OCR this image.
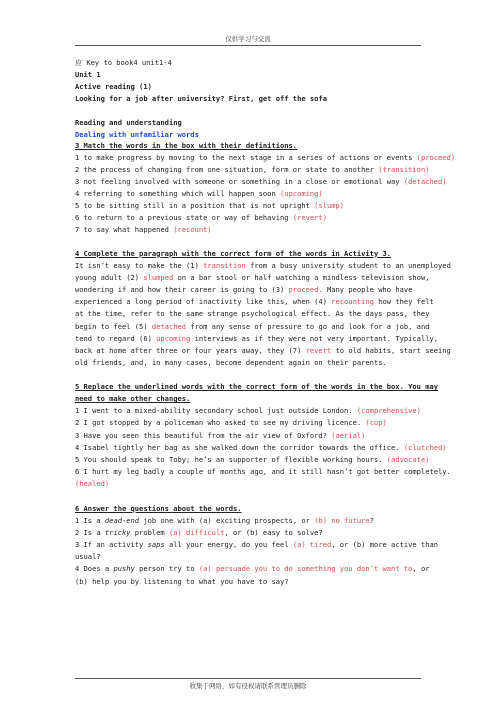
仅供学习与交流
应 Key to book4 unit1-4
Unit 1
Active reading (1)
Looking for a job after university? First, get off the sofa
Reading and understanding
Dealing with unfamiliar words
3 Match the words in the box with their definitions.
1 to make progress by moving to the next stage in a series of actions or events (proceed)
2 the process of changing from one situation, form or state to another (transition)
3 not feeling involved with someone or something in a close or emotional way (detached)
4 referring to something which will happen soon (upcoming)
5 to be sitting still in a position that is not upright (slump)
6 to return to a previous state or way of behaving (revert)
7 to say what happened (recount)
4 Complete the paragraph with the correct form of the words in Activity 3.
It isn’t easy to make the (1) transition from a busy university student to an unemployed
young adult (2) slumped on a bar stool or half watching a mindless television show,
wondering if and how their career is going to (3) proceed. Many people who have
experienced a long period of inactivity like this, when (4) recounting how they felt
at the time, refer to the same strange psychological effect. As the days pass, they
begin to feel (5) detached from any sense of pressure to go and look for a job, and
tend to regard (6) upcoming interviews as if they were not very important. Typically,
back at home after three or four years away, they (7) revert to old habits, start seeing
old friends, and, in many cases, become dependent again on their parents.
5 Replace the underlined words with the correct form of the words in the box. You may
need to make other changes.
1 I went to a mixed-ability secondary school just outside London. (comprehensive)
2 I got stopped by a policeman who asked to see my driving licence. (cop)
3 Have you seen this beautiful from the air view of Oxford? (aerial)
4 Isabel tightly her bag as she walked down the corridor towards the office. (clutched)
5 You should speak to Toby; he’s an supporter of flexible working hours. (advocate)
6 I hurt my leg badly a couple of months ago, and it still hasn’t got better completely.
(healed)
6 Answer the questions about the words.
1 Is a dead-end job one with (a) exciting prospects, or (b) no future?
2 Is a tricky problem (a) difficult, or (b) easy to solve?
3 If an activity saps all your energy, do you feel (a) tired, or (b) more active than
usual?
4 Does a pushy person try to (a) persuade you to do something you don’t want to, or
(b) help you by listening to what you have to say?
收集于网络，如有侵权请联系管理员删除
